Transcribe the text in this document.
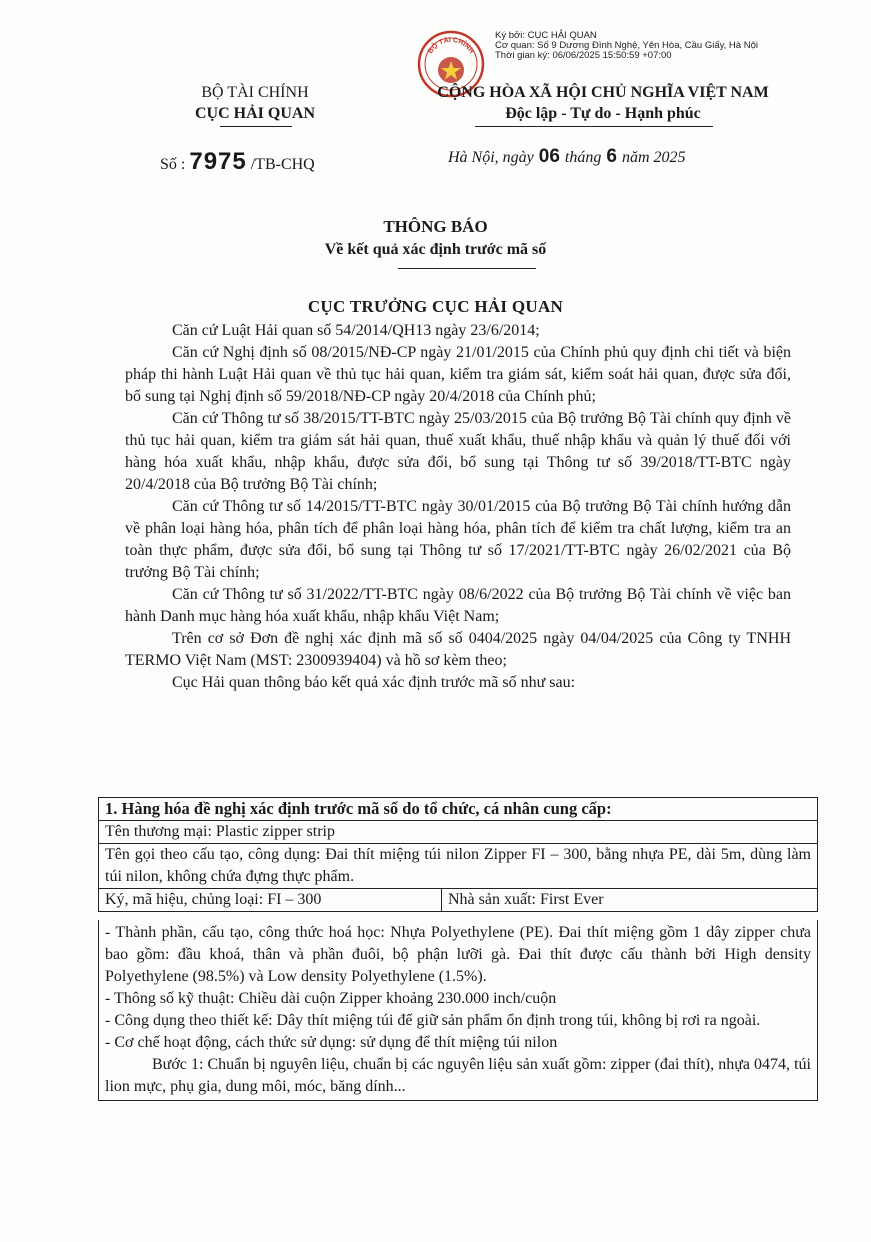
Ký bởi: CỤC HẢI QUAN
Cơ quan: Số 9 Dương Đình Nghệ, Yên Hòa, Cầu Giấy, Hà Nội
Thời gian ký: 06/06/2025 15:50:59 +07:00
BỘ TÀI CHÍNH
BỘ TÀI CHÍNH
CỤC HẢI QUAN
CỘNG HÒA XÃ HỘI CHỦ NGHĨA VIỆT NAM
Độc lập - Tự do - Hạnh phúc
Số : 7975 /TB-CHQ	Hà Nội, ngày 06 tháng 6 năm 2025
THÔNG BÁO
Về kết quả xác định trước mã số
CỤC TRƯỞNG CỤC HẢI QUAN

Căn cứ Luật Hải quan số 54/2014/QH13 ngày 23/6/2014;

Căn cứ Nghị định số 08/2015/NĐ-CP ngày 21/01/2015 của Chính phủ quy định chi tiết và biện pháp thi hành Luật Hải quan về thủ tục hải quan, kiểm tra giám sát, kiểm soát hải quan, được sửa đổi, bổ sung tại Nghị định số 59/2018/NĐ-CP ngày 20/4/2018 của Chính phủ;

Căn cứ Thông tư số 38/2015/TT-BTC ngày 25/03/2015 của Bộ trưởng Bộ Tài chính quy định về thủ tục hải quan, kiểm tra giám sát hải quan, thuế xuất khẩu, thuế nhập khẩu và quản lý thuế đối với hàng hóa xuất khẩu, nhập khẩu, được sửa đổi, bổ sung tại Thông tư số 39/2018/TT-BTC ngày 20/4/2018 của Bộ trưởng Bộ Tài chính;

Căn cứ Thông tư số 14/2015/TT-BTC ngày 30/01/2015 của Bộ trưởng Bộ Tài chính hướng dẫn về phân loại hàng hóa, phân tích để phân loại hàng hóa, phân tích để kiểm tra chất lượng, kiểm tra an toàn thực phẩm, được sửa đổi, bổ sung tại Thông tư số 17/2021/TT-BTC ngày 26/02/2021 của Bộ trưởng Bộ Tài chính;

Căn cứ Thông tư số 31/2022/TT-BTC ngày 08/6/2022 của Bộ trưởng Bộ Tài chính về việc ban hành Danh mục hàng hóa xuất khẩu, nhập khẩu Việt Nam;

Trên cơ sở Đơn đề nghị xác định mã số số 0404/2025 ngày 04/04/2025 của Công ty TNHH TERMO Việt Nam (MST: 2300939404) và hồ sơ kèm theo;

Cục Hải quan thông báo kết quả xác định trước mã số như sau:

1. Hàng hóa đề nghị xác định trước mã số do tổ chức, cá nhân cung cấp:
Tên thương mại: Plastic zipper strip
Tên gọi theo cấu tạo, công dụng: Đai thít miệng túi nilon Zipper FI – 300, bằng nhựa PE, dài 5m, dùng làm túi nilon, không chứa đựng thực phẩm.
Ký, mã hiệu, chủng loại: FI – 300	Nhà sản xuất: First Ever
- Thành phần, cấu tạo, công thức hoá học: Nhựa Polyethylene (PE). Đai thít miệng gồm 1 dây zipper chưa bao gồm: đầu khoá, thân và phần đuôi, bộ phận lưỡi gà. Đai thít được cấu thành bởi High density Polyethylene (98.5%) và Low density Polyethylene (1.5%).
- Thông số kỹ thuật: Chiều dài cuộn Zipper khoảng 230.000 inch/cuộn
- Công dụng theo thiết kế: Dây thít miệng túi để giữ sản phẩm ổn định trong túi, không bị rơi ra ngoài.
- Cơ chế hoạt động, cách thức sử dụng: sử dụng để thít miệng túi nilon
Bước 1: Chuẩn bị nguyên liệu, chuẩn bị các nguyên liệu sản xuất gồm: zipper (đai thít), nhựa 0474, túi lion mực, phụ gia, dung môi, móc, băng dính...
